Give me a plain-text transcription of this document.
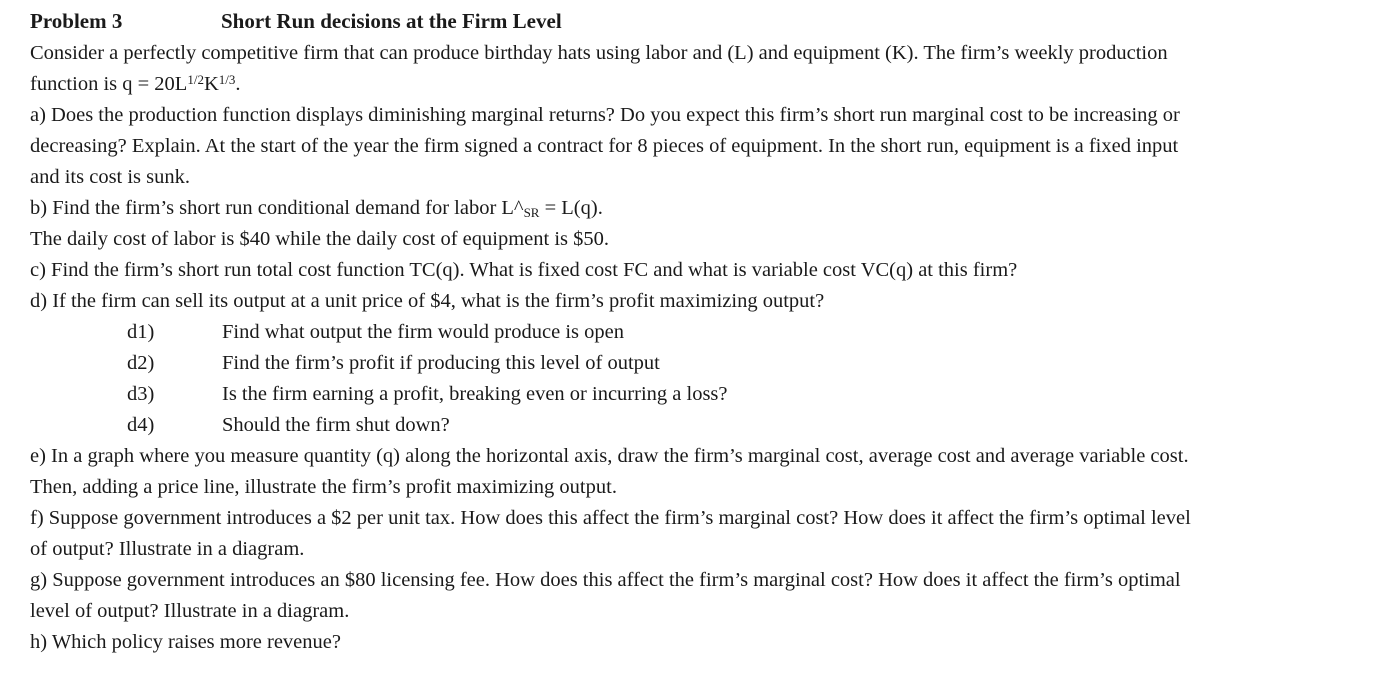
Problem 3	Short Run decisions at the Firm Level
Consider a perfectly competitive firm that can produce birthday hats using labor and (L) and equipment (K). The firm’s weekly production
function is $q = 20L^{1/2}K^{1/3}$.
a) Does the production function displays diminishing marginal returns? Do you expect this firm’s short run marginal cost to be increasing or
decreasing? Explain. At the start of the year the firm signed a contract for 8 pieces of equipment. In the short run, equipment is a fixed input
and its cost is sunk.
b) Find the firm’s short run conditional demand for labor $L\^{}_{SR} = L(q)$.
The daily cost of labor is $40 while the daily cost of equipment is $50.
c) Find the firm’s short run total cost function TC(q). What is fixed cost FC and what is variable cost VC(q) at this firm?
d) If the firm can sell its output at a unit price of $4, what is the firm’s profit maximizing output?
d1)	Find what output the firm would produce is open
d2)	Find the firm’s profit if producing this level of output
d3)	Is the firm earning a profit, breaking even or incurring a loss?
d4)	Should the firm shut down?
e) In a graph where you measure quantity (q) along the horizontal axis, draw the firm’s marginal cost, average cost and average variable cost.
Then, adding a price line, illustrate the firm’s profit maximizing output.
f) Suppose government introduces a $2 per unit tax. How does this affect the firm’s marginal cost? How does it affect the firm’s optimal level
of output? Illustrate in a diagram.
g) Suppose government introduces an $80 licensing fee. How does this affect the firm’s marginal cost? How does it affect the firm’s optimal
level of output? Illustrate in a diagram.
h) Which policy raises more revenue?
